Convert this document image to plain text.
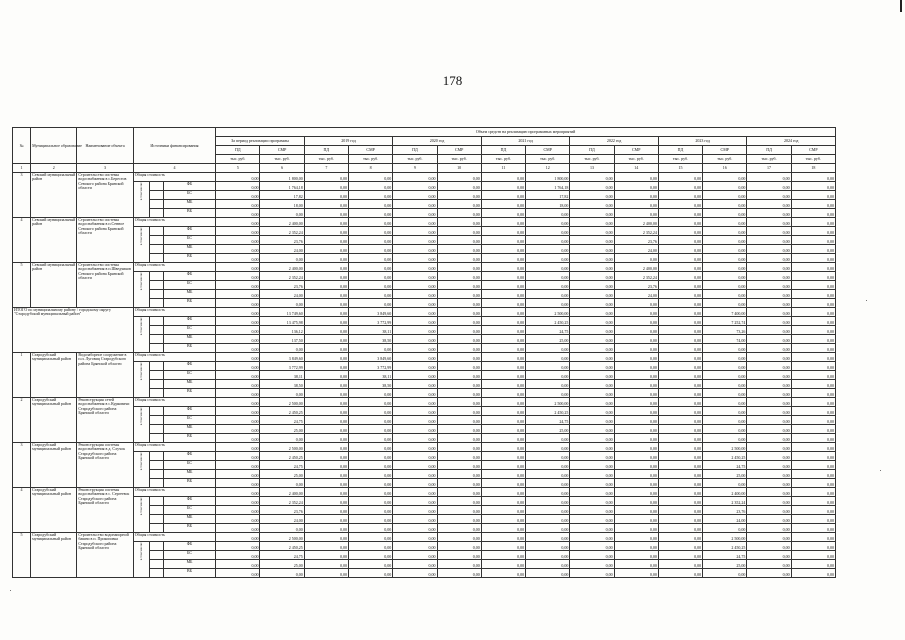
178
№	Муниципальное образование	Наименование объекта	Источники финансирования			Объем средств на реализацию программных мероприятий													
						За период реализации программы		2019 год		2020 год		2021 год		2022 год		2023 год		2024 год	
						ПД	СМР	ПД	СМР	ПД	СМР	ПД	СМР	ПД	СМР	ПД	СМР	ПД	СМР
						тыс. руб.	тыс. руб.	тыс. руб.	тыс. руб.	тыс. руб.	тыс. руб.	тыс. руб.	тыс. руб.	тыс. руб.	тыс. руб.	тыс. руб.	тыс. руб.	тыс. руб.	тыс. руб.
1	2	3	4			5	6	7	8	9	10	11	12	13	14	15	16	17	18
3	Севский муниципальный район	Строительство системы водоснабжения в с.Берестов Севского района Брянской области	Общая стоимость			0,00	1 800,00	0,00	0,00	0,00	0,00	0,00	1 800,00	0,00	0,00	0,00	0,00	0,00	0,00

			в том числе:		ФБ	0,00	1 764,18	0,00	0,00	0,00	0,00	0,00	1 764,18	0,00	0,00	0,00	0,00	0,00	0,00
					БС	0,00	17,82	0,00	0,00	0,00	0,00	0,00	17,82	0,00	0,00	0,00	0,00	0,00	0,00
					МБ	0,00	18,00	0,00	0,00	0,00	0,00	0,00	18,00	0,00	0,00	0,00	0,00	0,00	0,00
					ВБ	0,00	0,00	0,00	0,00	0,00	0,00	0,00	0,00	0,00	0,00	0,00	0,00	0,00	0,00
4	Севский муниципальный район	Строительство системы водоснабжения в п.Сенное Севского района Брянской области	Общая стоимость			0,00	2 400,00	0,00	0,00	0,00	0,00	0,00	0,00	0,00	2 400,00	0,00	0,00	0,00	0,00

			в том числе:		ФБ	0,00	2 352,24	0,00	0,00	0,00	0,00	0,00	0,00	0,00	2 352,24	0,00	0,00	0,00	0,00
					БС	0,00	23,76	0,00	0,00	0,00	0,00	0,00	0,00	0,00	23,76	0,00	0,00	0,00	0,00
					МБ	0,00	24,00	0,00	0,00	0,00	0,00	0,00	0,00	0,00	24,00	0,00	0,00	0,00	0,00
					ВБ	0,00	0,00	0,00	0,00	0,00	0,00	0,00	0,00	0,00	0,00	0,00	0,00	0,00	0,00
5	Севский муниципальный район	Строительство системы водоснабжения в п.Шведчиков Севского района Брянской области	Общая стоимость			0,00	2 400,00	0,00	0,00	0,00	0,00	0,00	0,00	0,00	2 400,00	0,00	0,00	0,00	0,00

			в том числе:		ФБ	0,00	2 352,24	0,00	0,00	0,00	0,00	0,00	0,00	0,00	2 352,24	0,00	0,00	0,00	0,00
					БС	0,00	23,76	0,00	0,00	0,00	0,00	0,00	0,00	0,00	23,76	0,00	0,00	0,00	0,00
					МБ	0,00	24,00	0,00	0,00	0,00	0,00	0,00	0,00	0,00	24,00	0,00	0,00	0,00	0,00
					ВБ	0,00	0,00	0,00	0,00	0,00	0,00	0,00	0,00	0,00	0,00	0,00	0,00	0,00	0,00
ИТОГО по муниципальному району / городскому округу "Стародубский муниципальный район"			Общая стоимость			0,00	13 749,60	0,00	3 849,60	0,00	0,00	0,00	2 500,00	0,00	0,00	0,00	7 400,00	0,00	0,00

			в том числе:		ФБ	0,00	13 475,98	0,00	3 772,99	0,00	0,00	0,00	2 450,25	0,00	0,00	0,00	7 252,74	0,00	0,00
					БС	0,00	136,12	0,00	38,11	0,00	0,00	0,00	24,75	0,00	0,00	0,00	73,26	0,00	0,00
					МБ	0,00	137,50	0,00	38,50	0,00	0,00	0,00	25,00	0,00	0,00	0,00	74,00	0,00	0,00
					ВБ	0,00	0,00	0,00	0,00	0,00	0,00	0,00	0,00	0,00	0,00	0,00	0,00	0,00	0,00
1	Стародубский муниципальный район	Водозаборное сооружение в п.п. Луговиц Стародубского района Брянской области	Общая стоимость			0,00	3 849,60	0,00	3 849,60	0,00	0,00	0,00	0,00	0,00	0,00	0,00	0,00	0,00	0,00

			в том числе:		ФБ	0,00	3 772,99	0,00	3 772,99	0,00	0,00	0,00	0,00	0,00	0,00	0,00	0,00	0,00	0,00
					БС	0,00	38,11	0,00	38,11	0,00	0,00	0,00	0,00	0,00	0,00	0,00	0,00	0,00	0,00
					МБ	0,00	38,50	0,00	38,50	0,00	0,00	0,00	0,00	0,00	0,00	0,00	0,00	0,00	0,00
					ВБ	0,00	0,00	0,00	0,00	0,00	0,00	0,00	0,00	0,00	0,00	0,00	0,00	0,00	0,00
2	Стародубский муниципальный район	Реконструкция сетей водоснабжения в с.Курковичи Стародубского района Брянской области	Общая стоимость			0,00	2 500,00	0,00	0,00	0,00	0,00	0,00	2 500,00	0,00	0,00	0,00	0,00	0,00	0,00

			в том числе:		ФБ	0,00	2 450,25	0,00	0,00	0,00	0,00	0,00	2 450,25	0,00	0,00	0,00	0,00	0,00	0,00
					БС	0,00	24,75	0,00	0,00	0,00	0,00	0,00	24,75	0,00	0,00	0,00	0,00	0,00	0,00
					МБ	0,00	25,00	0,00	0,00	0,00	0,00	0,00	25,00	0,00	0,00	0,00	0,00	0,00	0,00
					ВБ	0,00	0,00	0,00	0,00	0,00	0,00	0,00	0,00	0,00	0,00	0,00	0,00	0,00	0,00
3	Стародубский муниципальный район	Реконструкция системы водоснабжения в д. Случок Стародубского района Брянской области	Общая стоимость			0,00	2 500,00	0,00	0,00	0,00	0,00	0,00	0,00	0,00	0,00	0,00	2 500,00	0,00	0,00

			в том числе:		ФБ	0,00	2 450,25	0,00	0,00	0,00	0,00	0,00	0,00	0,00	0,00	0,00	2 450,25	0,00	0,00
					БС	0,00	24,75	0,00	0,00	0,00	0,00	0,00	0,00	0,00	0,00	0,00	24,75	0,00	0,00
					МБ	0,00	25,00	0,00	0,00	0,00	0,00	0,00	0,00	0,00	0,00	0,00	25,00	0,00	0,00
					ВБ	0,00	0,00	0,00	0,00	0,00	0,00	0,00	0,00	0,00	0,00	0,00	0,00	0,00	0,00
4	Стародубский муниципальный район	Реконструкция системы водоснабжения в с. Сергеевск Стародубского района Брянской области	Общая стоимость			0,00	2 400,00	0,00	0,00	0,00	0,00	0,00	0,00	0,00	0,00	0,00	2 400,00	0,00	0,00

			в том числе:		ФБ	0,00	2 352,24	0,00	0,00	0,00	0,00	0,00	0,00	0,00	0,00	0,00	2 352,24	0,00	0,00
					БС	0,00	23,76	0,00	0,00	0,00	0,00	0,00	0,00	0,00	0,00	0,00	23,76	0,00	0,00
					МБ	0,00	24,00	0,00	0,00	0,00	0,00	0,00	0,00	0,00	0,00	0,00	24,00	0,00	0,00
					ВБ	0,00	0,00	0,00	0,00	0,00	0,00	0,00	0,00	0,00	0,00	0,00	0,00	0,00	0,00
5	Стародубский муниципальный район	Строительство водонапорной башни в п. Прокоповка Стародубского района Брянской области	Общая стоимость			0,00	2 500,00	0,00	0,00	0,00	0,00	0,00	0,00	0,00	0,00	0,00	2 500,00	0,00	0,00

			в том числе:		ФБ	0,00	2 450,25	0,00	0,00	0,00	0,00	0,00	0,00	0,00	0,00	0,00	2 450,25	0,00	0,00
					БС	0,00	24,75	0,00	0,00	0,00	0,00	0,00	0,00	0,00	0,00	0,00	24,75	0,00	0,00
					МБ	0,00	25,00	0,00	0,00	0,00	0,00	0,00	0,00	0,00	0,00	0,00	25,00	0,00	0,00
					ВБ	0,00	0,00	0,00	0,00	0,00	0,00	0,00	0,00	0,00	0,00	0,00	0,00	0,00	0,00
